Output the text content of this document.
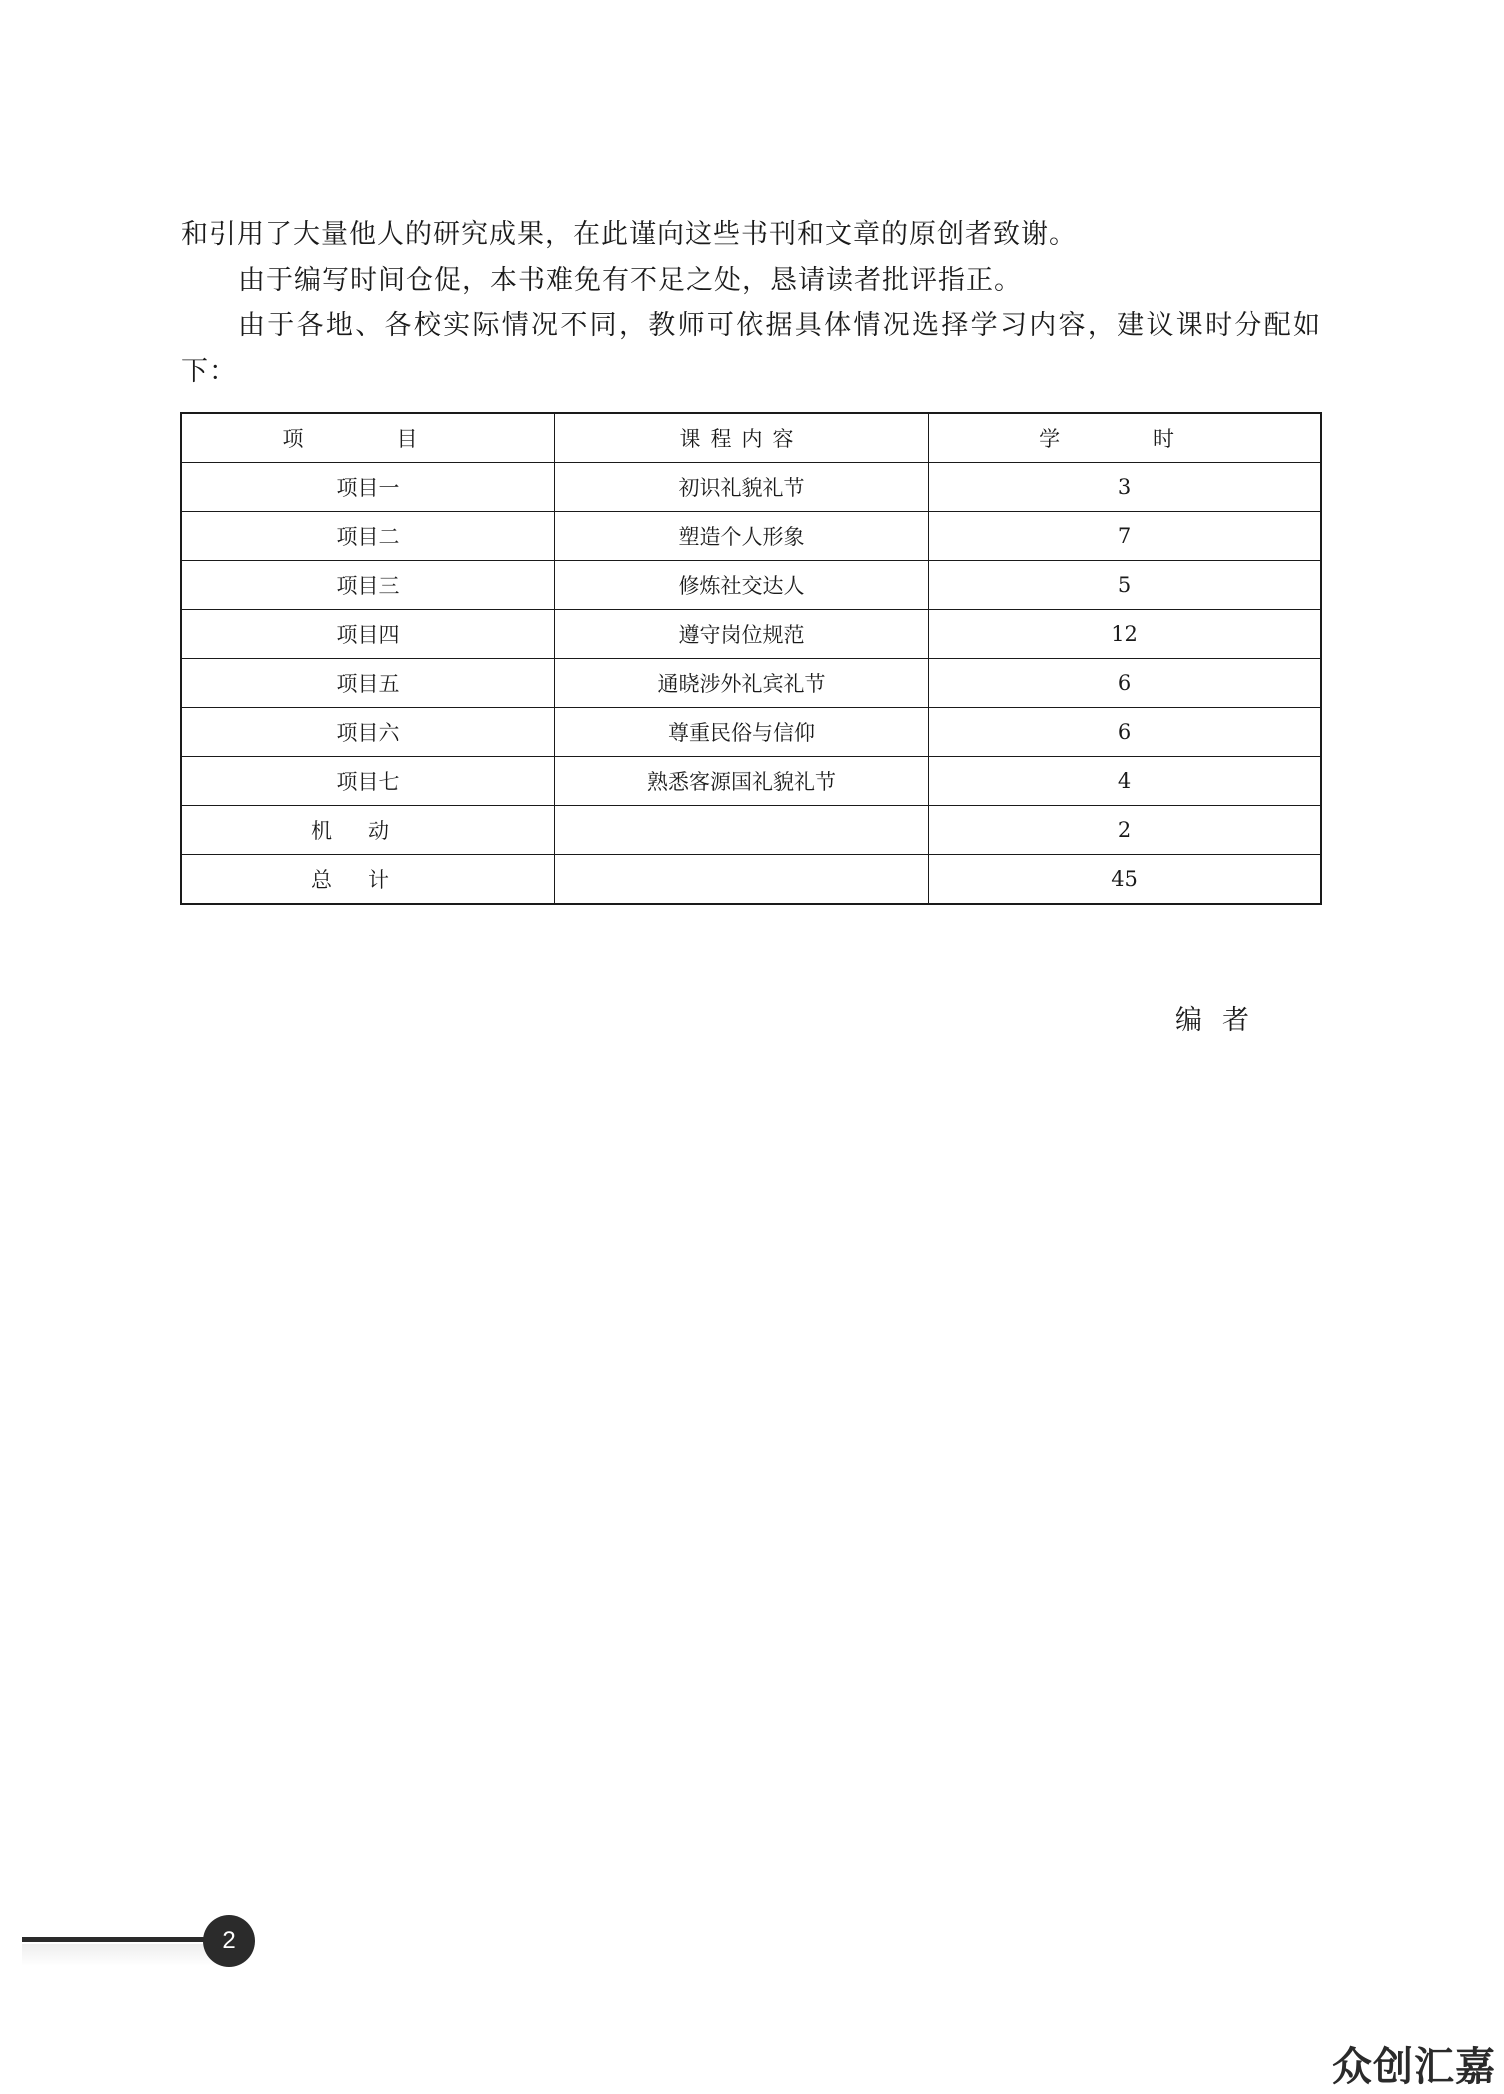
和引用了大量他人的研究成果，在此谨向这些书刊和文章的原创者致谢。

由于编写时间仓促，本书难免有不足之处，恳请读者批评指正。

由于各地、各校实际情况不同，教师可依据具体情况选择学习内容，建议课时分配如下：

项　目	课程内容	学　时
项目一	初识礼貌礼节	3
项目二	塑造个人形象	7
项目三	修炼社交达人	5
项目四	遵守岗位规范	12
项目五	通晓涉外礼宾礼节	6
项目六	尊重民俗与信仰	6
项目七	熟悉客源国礼貌礼节	4
机动		2
总计		45
编者
2
众创汇嘉
